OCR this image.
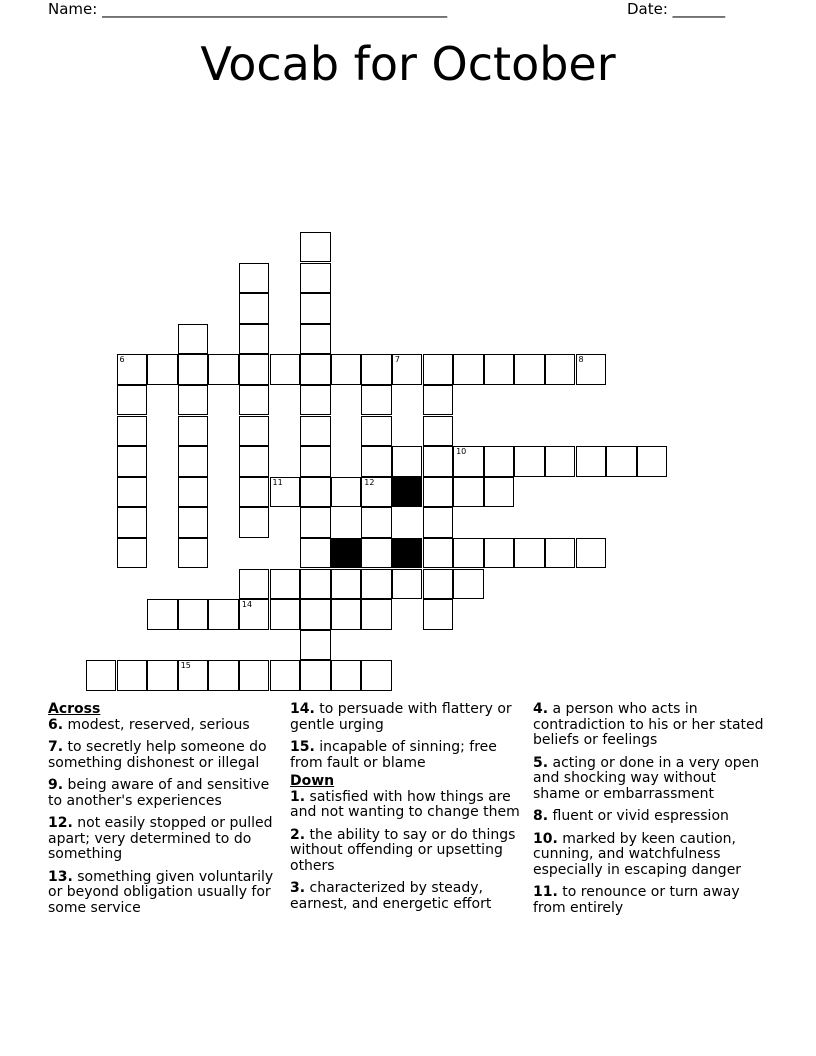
Name: ______________________________________________	Date: _______
Vocab for October
12
6	7	8
10
11
14
15
Across
6. modest, reserved, serious
7. to secretly help someone do something dishonest or illegal
9. being aware of and sensitive to another's experiences
12. not easily stopped or pulled apart; very determined to do something
13. something given voluntarily or beyond obligation usually for some service
14. to persuade with flattery or gentle urging
15. incapable of sinning; free from fault or blame
Down
1. satisfied with how things are and not wanting to change them
2. the ability to say or do things without offending or upsetting others
3. characterized by steady, earnest, and energetic effort
4. a person who acts in contradiction to his or her stated beliefs or feelings
5. acting or done in a very open and shocking way without shame or embarrassment
8. fluent or vivid espression
10. marked by keen caution, cunning, and watchfulness especially in escaping danger
11. to renounce or turn away from entirely
